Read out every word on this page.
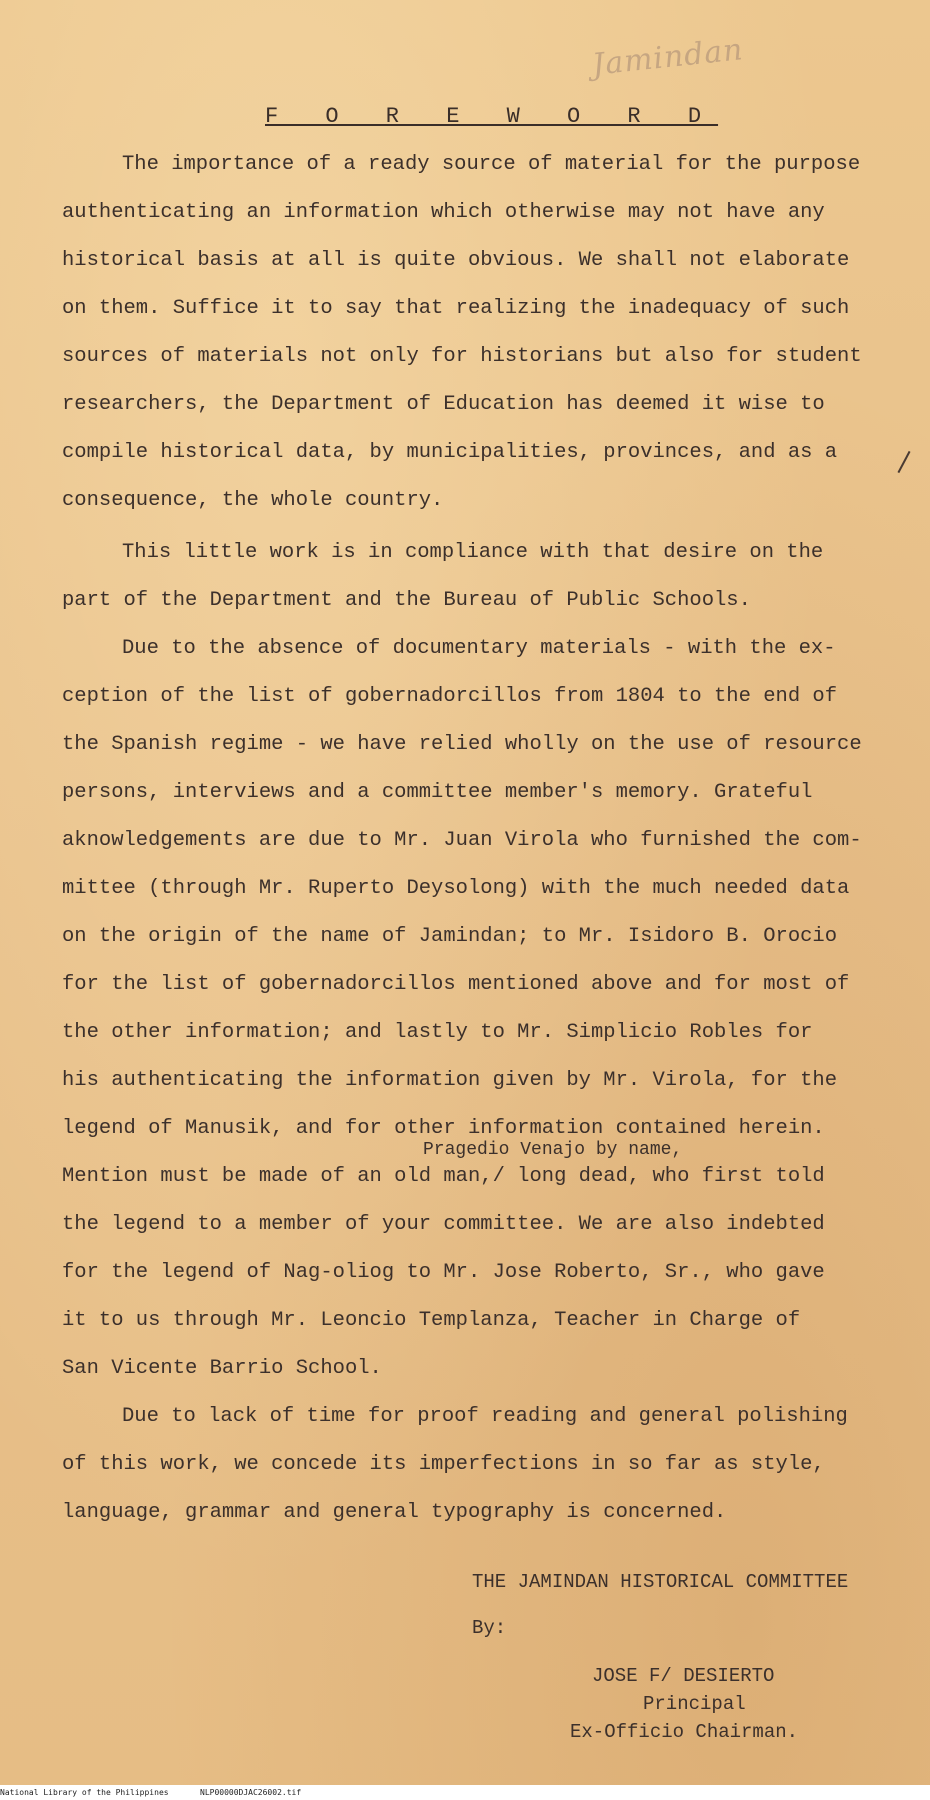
Jamindan
F O R E W O R D
The importance of a ready source of material for the purpose
authenticating an information which otherwise may not have any
historical basis at all is quite obvious. We shall not elaborate
on them. Suffice it to say that realizing the inadequacy of such
sources of materials not only for historians but also for student
researchers, the Department of Education has deemed it wise to
compile historical data, by municipalities, provinces, and as a
consequence, the whole country.
This little work is in compliance with that desire on the
part of the Department and the Bureau of Public Schools.
Due to the absence of documentary materials - with the ex-
ception of the list of gobernadorcillos from 1804 to the end of
the Spanish regime - we have relied wholly on the use of resource
persons, interviews and a committee member's memory. Grateful
aknowledgements are due to Mr. Juan Virola who furnished the com-
mittee (through Mr. Ruperto Deysolong) with the much needed data
on the origin of the name of Jamindan; to Mr. Isidoro B. Orocio
for the list of gobernadorcillos mentioned above and for most of
the other information; and lastly to Mr. Simplicio Robles for
his authenticating the information given by Mr. Virola, for the
legend of Manusik, and for other information contained herein.
Mention must be made of an old man,/ long dead, who first told
the legend to a member of your committee. We are also indebted
for the legend of Nag-oliog to Mr. Jose Roberto, Sr., who gave
it to us through Mr. Leoncio Templanza, Teacher in Charge of
San Vicente Barrio School.
Due to lack of time for proof reading and general polishing
of this work, we concede its imperfections in so far as style,
language, grammar and general typography is concerned.
Pragedio Venajo by name,
THE JAMINDAN HISTORICAL COMMITTEE
By:
JOSE F/ DESIERTO
Principal
Ex-Officio Chairman.
National Library of the Philippines	NLP00000DJAC26002.tif
